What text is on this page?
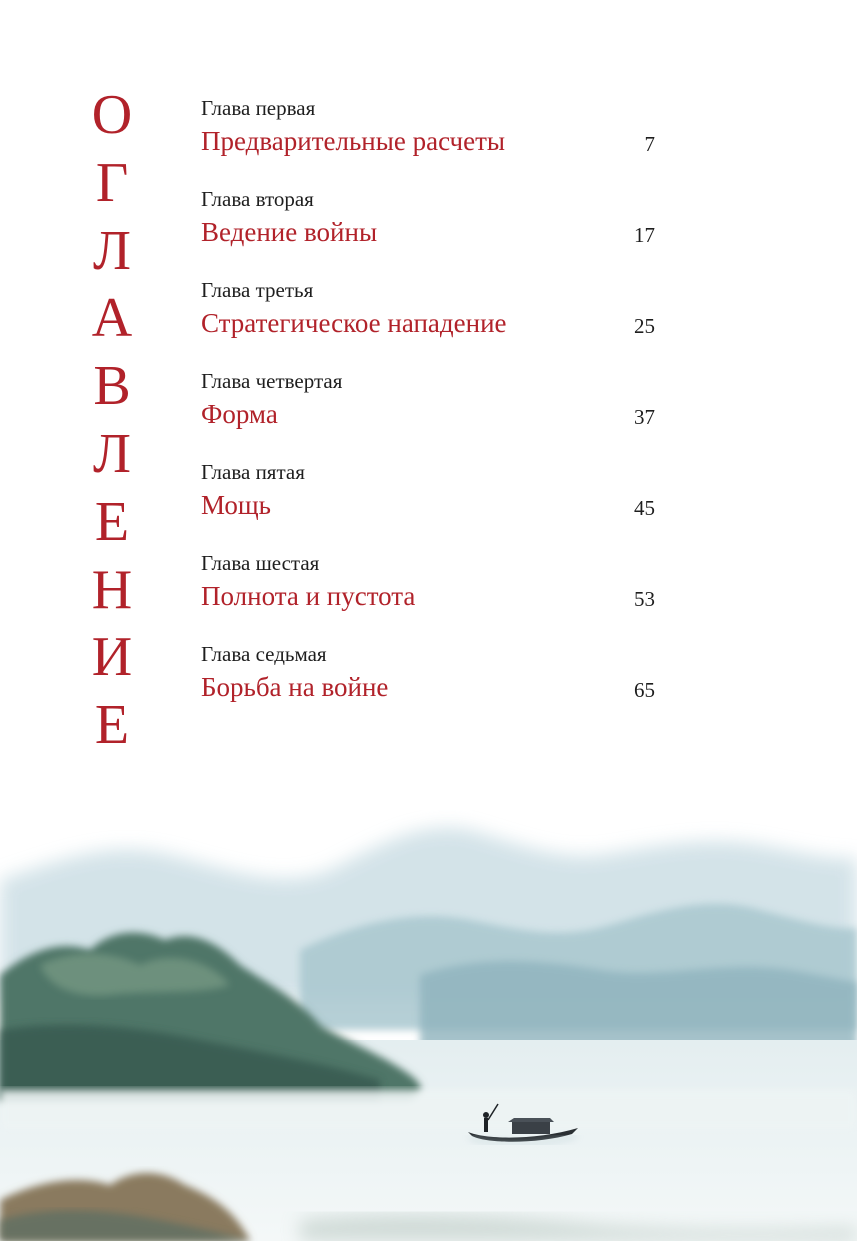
О
Г
Л
А
В
Л
Е
Н
И
Е
Глава первая
Предварительные расчеты	7
Глава вторая
Ведение войны	17
Глава третья
Стратегическое нападение	25
Глава четвертая
Форма	37
Глава пятая
Мощь	45
Глава шестая
Полнота и пустота	53
Глава седьмая
Борьба на войне	65
